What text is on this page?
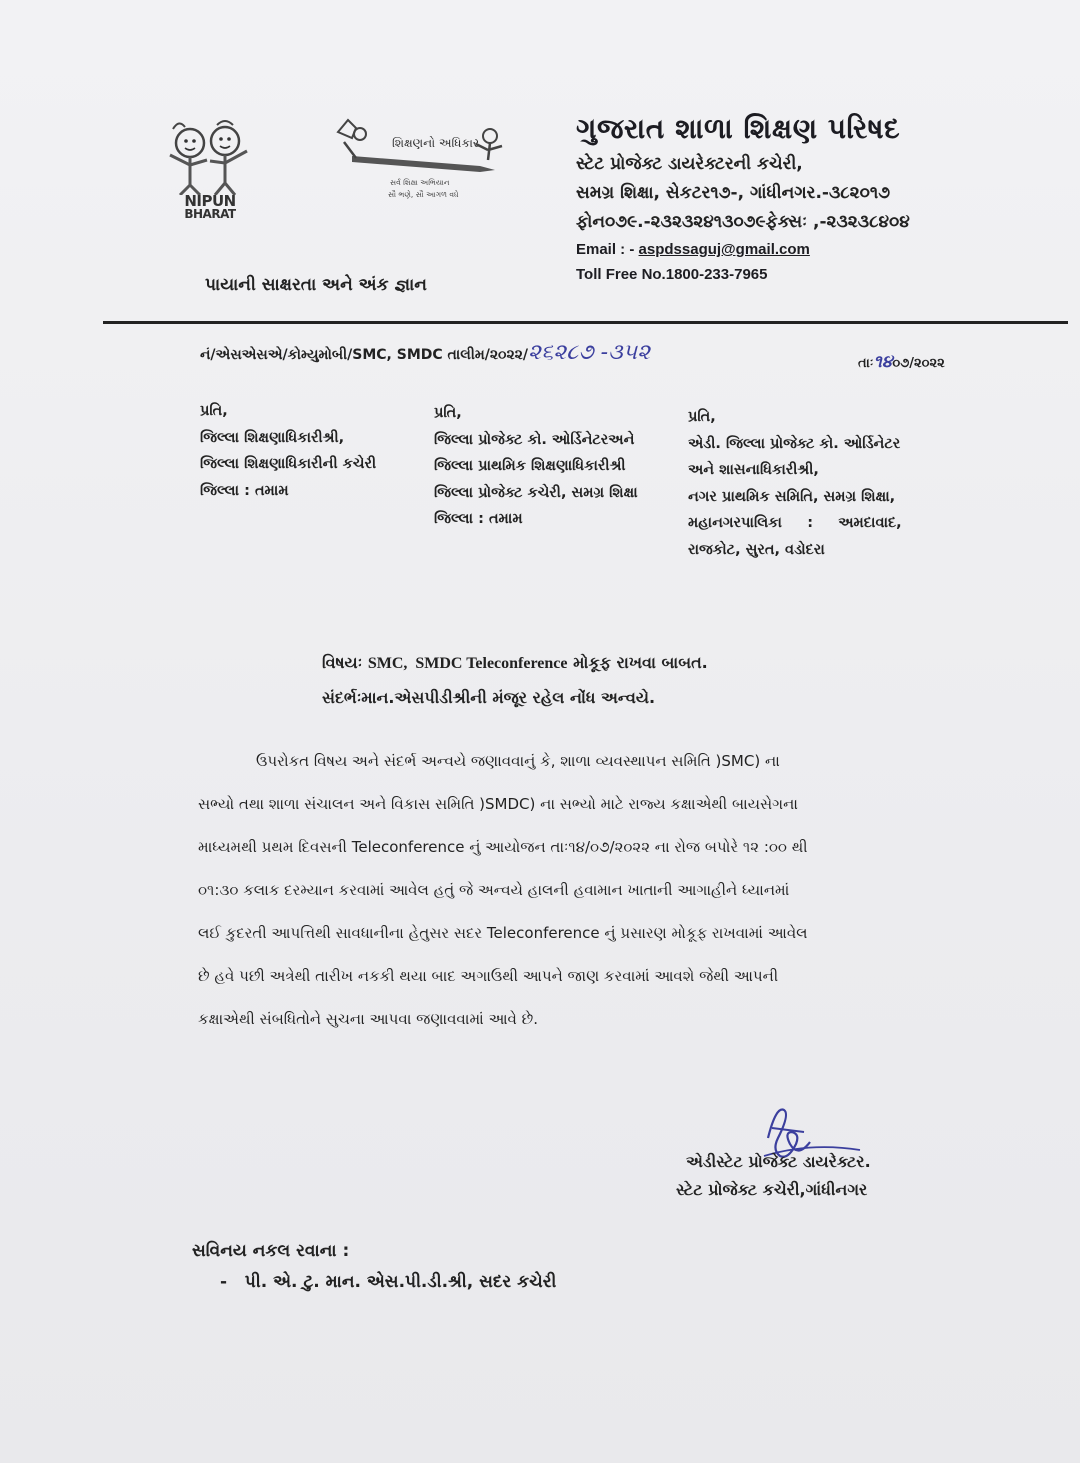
NIPUN
BHARAT
શિક્ષણનો અધિકાર
સર્વ શિક્ષા અભિયાન
સૌ ભણે, સૌ આગળ વધે
ગુજરાત શાળા શિક્ષણ પરિષદ
સ્ટેટ પ્રોજેક્ટ ડાયરેક્ટરની કચેરી,
સમગ્ર શિક્ષા, સેકટર૧૭-, ગાંધીનગર.-૩૮૨૦૧૭
ફોન૦૭૯.-૨૩૨૩૨૪૧૩૦૭૯ફેક્સઃ ,-૨૩૨૩૮૪૦૪
Email : - aspdssaguj@gmail.com
Toll Free No.1800-233-7965
પાયાની સાક્ષરતા અને અંક જ્ઞાન
નં/એસએસએ/કોમ્યુમોબી/SMC, SMDC તાલીમ/૨૦૨૨/૨૬૨૮૭ -૩૫૨	તાઃ૧૪૦૭/૨૦૨૨
પ્રતિ,
જિલ્લા શિક્ષણાધિકારીશ્રી,
જિલ્લા શિક્ષણાધિકારીની કચેરી
જિલ્લા : તમામ
પ્રતિ,
જિલ્લા પ્રોજેક્ટ કો. ઓર્ડિનેટરઅને
જિલ્લા પ્રાથમિક શિક્ષણાધિકારીશ્રી
જિલ્લા પ્રોજેક્ટ કચેરી, સમગ્ર શિક્ષા
જિલ્લા : તમામ
પ્રતિ,
એડી. જિલ્લા પ્રોજેક્ટ કો. ઓર્ડિનેટર
અને શાસનાધિકારીશ્રી,
નગર પ્રાથમિક સમિતિ, સમગ્ર શિક્ષા,
મહાનગરપાલિકા     :     અમદાવાદ,
રાજકોટ, સુરત, વડોદરા
વિષયઃ SMC,  SMDC Teleconference મોકૂફ રાખવા બાબત.
સંદર્ભઃમાન.એસપીડીશ્રીની મંજૂર રહેલ નોંધ અન્વયે.

ઉપરોકત વિષય અને સંદર્ભ અન્વયે જણાવવાનું કે, શાળા વ્યવસ્થાપન સમિતિ )SMC) ના

સભ્યો તથા શાળા સંચાલન અને વિકાસ સમિતિ )SMDC) ના સભ્યો માટે રાજ્ય કક્ષાએથી બાયસેગના

માધ્યમથી પ્રથમ દિવસની Teleconference નું આયોજન તાઃ૧૪/૦૭/૨૦૨૨ ના રોજ બપોરે ૧૨ :૦૦ થી

૦૧:૩૦ કલાક દરમ્યાન કરવામાં આવેલ હતું જે અન્વયે હાલની હવામાન ખાતાની આગાહીને ધ્યાનમાં

લઈ કુદરતી આપત્તિથી સાવધાનીના હેતુસર સદર Teleconference નું પ્રસારણ મોકૂફ રાખવામાં આવેલ

છે હવે પછી અત્રેથી તારીખ નકકી થયા બાદ અગાઉથી આપને જાણ કરવામાં આવશે જેથી આપની

કક્ષાએથી સંબધિતોને સુચના આપવા જણાવવામાં આવે છે.

એડીસ્ટેટ પ્રોજેક્ટ ડાયરેક્ટર.
સ્ટેટ પ્રોજેક્ટ કચેરી,ગાંધીનગર
સવિનય નકલ રવાના :
-   પી. એ. ટુ. માન. એસ.પી.ડી.શ્રી, સદર કચેરી
